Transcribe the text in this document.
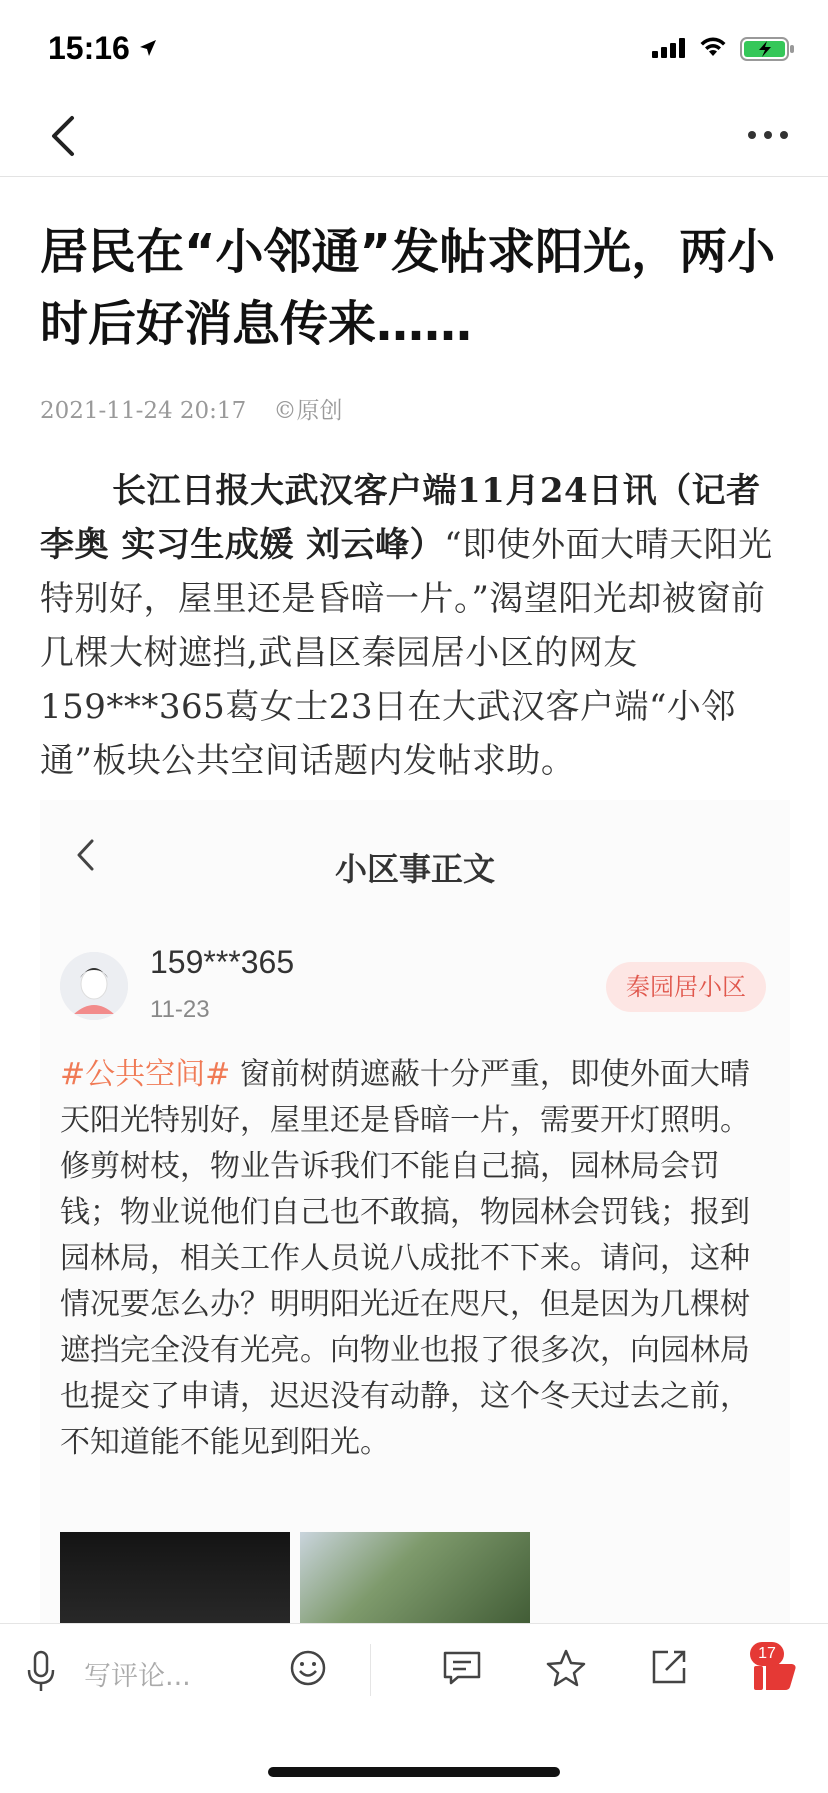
15:16
居民在“小邻通”发帖求阳光，两小时后好消息传来……
2021-11-24 20:17 ©原创

长江日报大武汉客户端11月24日讯（记者李奥 实习生成媛 刘云峰）“即使外面大晴天阳光特别好，屋里还是昏暗一片。”渴望阳光却被窗前几棵大树遮挡,武昌区秦园居小区的网友159***365葛女士23日在大武汉客户端“小邻通”板块公共空间话题内发帖求助。

小区事正文
159***365
11-23
秦园居小区

#公共空间# 窗前树荫遮蔽十分严重，即使外面大晴天阳光特别好，屋里还是昏暗一片，需要开灯照明。修剪树枝，物业告诉我们不能自己搞，园林局会罚钱；物业说他们自己也不敢搞，物园林会罚钱；报到园林局，相关工作人员说八成批不下来。请问，这种情况要怎么办？明明阳光近在咫尺，但是因为几棵树遮挡完全没有光亮。向物业也报了很多次，向园林局也提交了申请，迟迟没有动静，这个冬天过去之前，不知道能不能见到阳光。

写评论...
17
